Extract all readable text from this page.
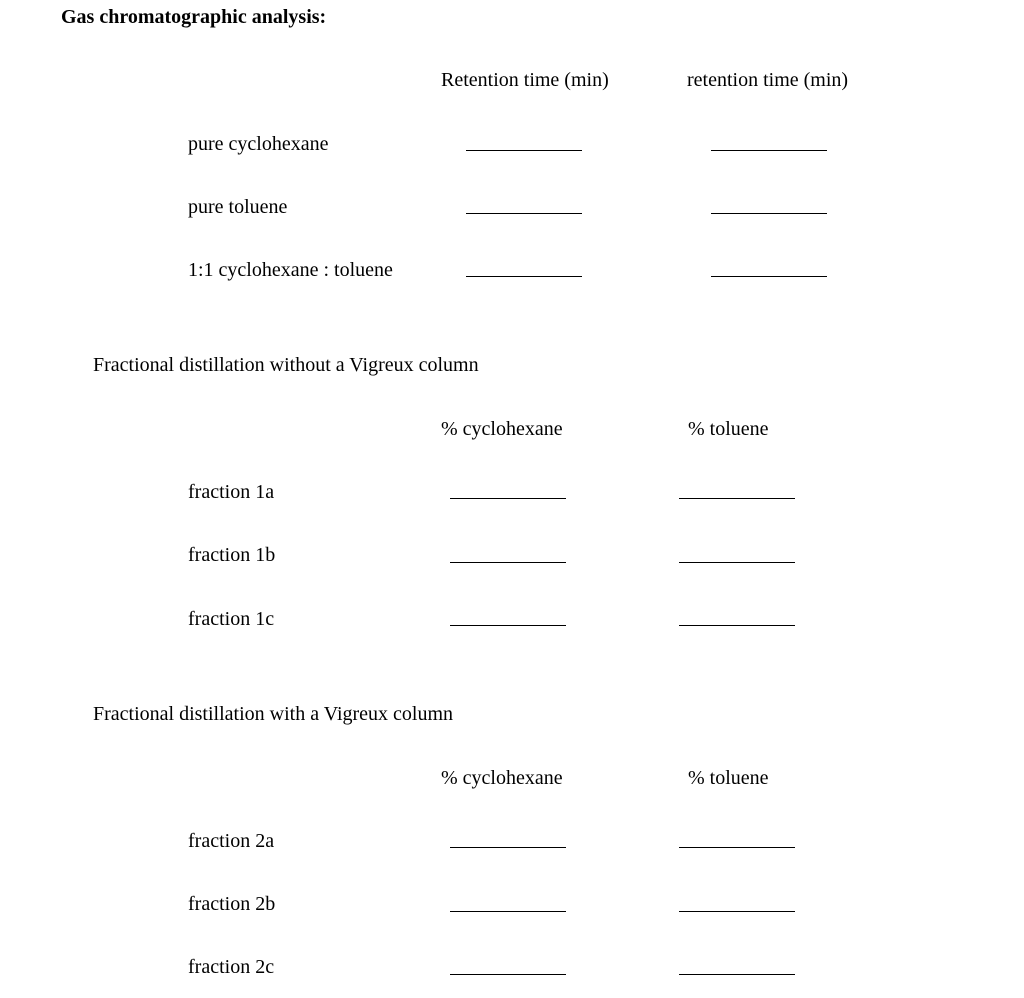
Gas chromatographic analysis:
Retention time (min)	retention time (min)
pure cyclohexane
pure toluene
1:1 cyclohexane : toluene
Fractional distillation without a Vigreux column
% cyclohexane	% toluene
fraction 1a
fraction 1b
fraction 1c
Fractional distillation with a Vigreux column
% cyclohexane	% toluene
fraction 2a
fraction 2b
fraction 2c
